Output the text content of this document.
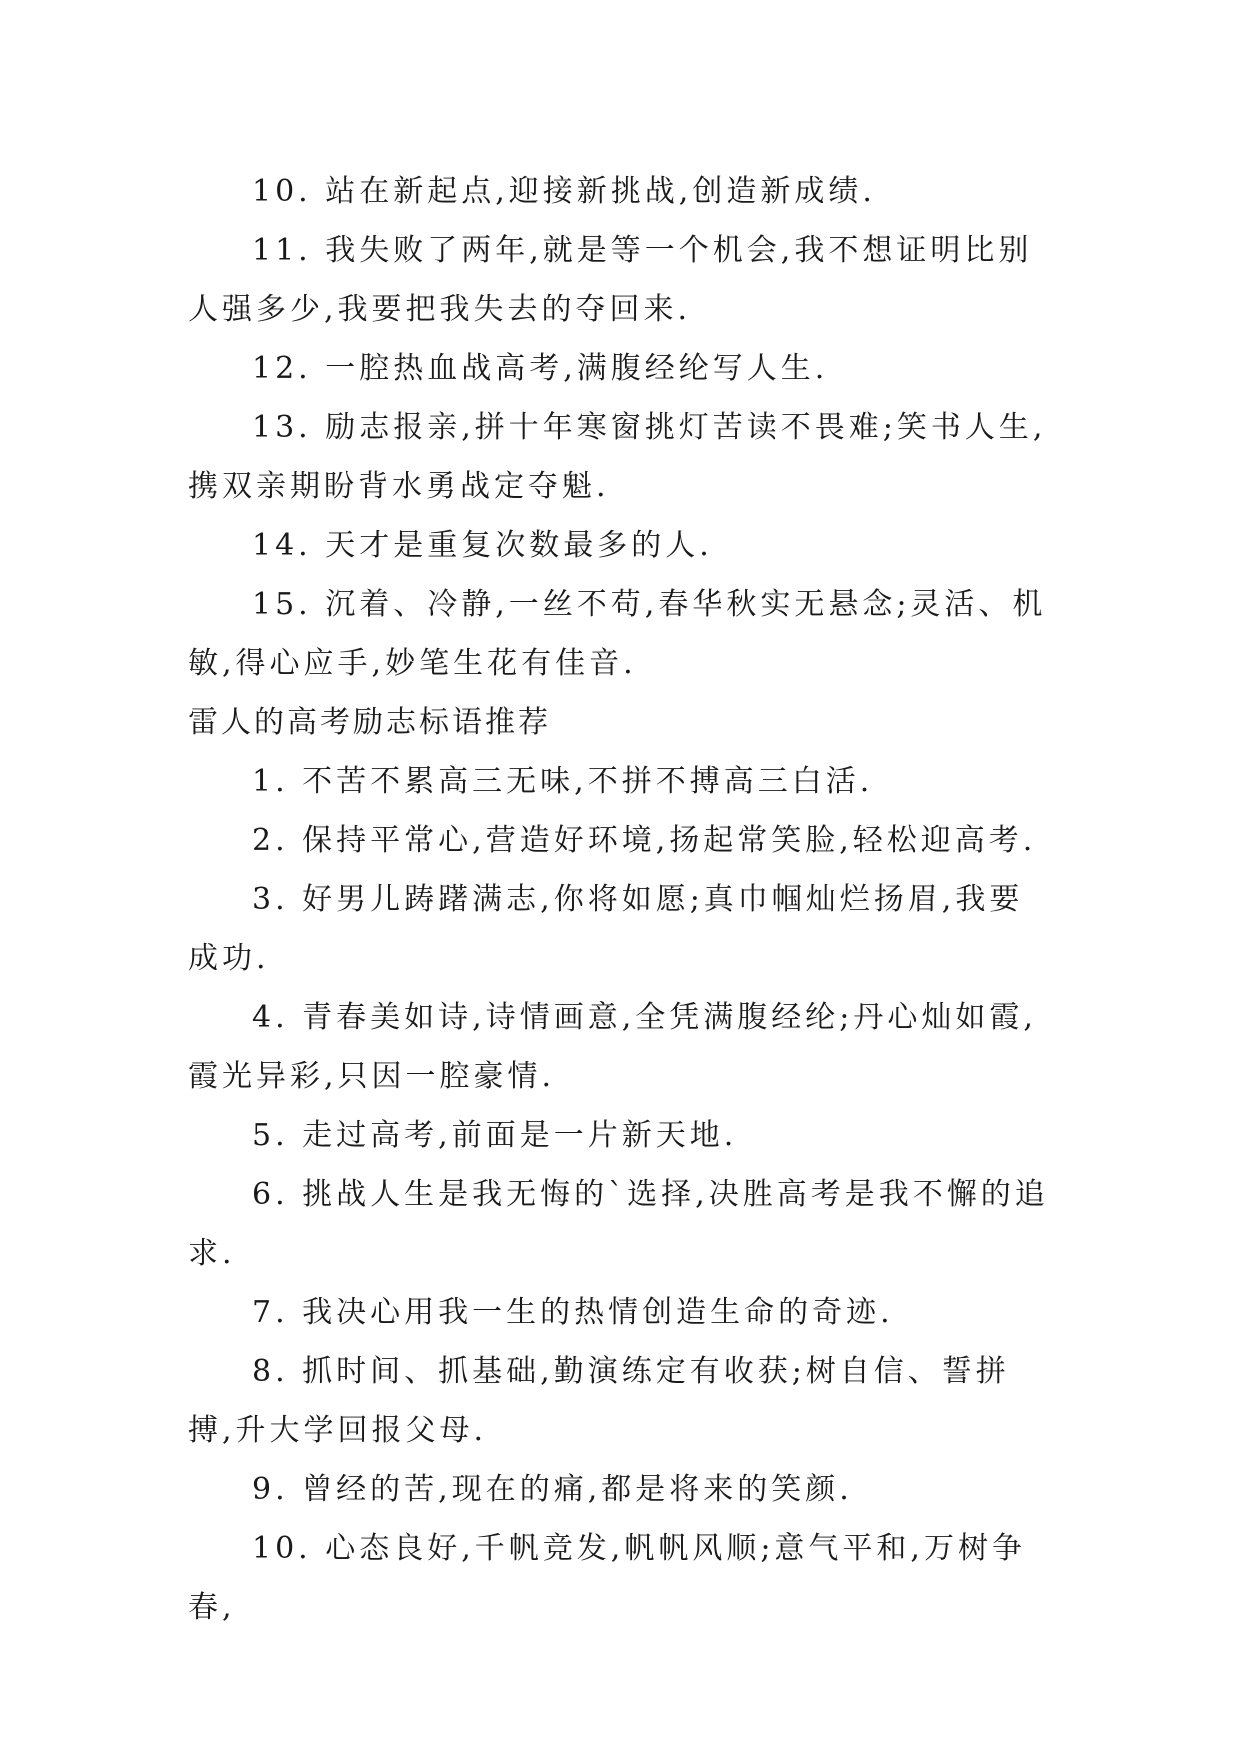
10. 站在新起点,迎接新挑战,创造新成绩.

11. 我失败了两年,就是等一个机会,我不想证明比别人强多少,我要把我失去的夺回来.

12. 一腔热血战高考,满腹经纶写人生.

13. 励志报亲,拼十年寒窗挑灯苦读不畏难;笑书人生,携双亲期盼背水勇战定夺魁.

14. 天才是重复次数最多的人.

15. 沉着、冷静,一丝不苟,春华秋实无悬念;灵活、机敏,得心应手,妙笔生花有佳音.

雷人的高考励志标语推荐

1. 不苦不累高三无味,不拼不搏高三白活.

2. 保持平常心,营造好环境,扬起常笑脸,轻松迎高考.

3. 好男儿踌躇满志,你将如愿;真巾帼灿烂扬眉,我要成功.

4. 青春美如诗,诗情画意,全凭满腹经纶;丹心灿如霞,霞光异彩,只因一腔豪情.

5. 走过高考,前面是一片新天地.

6. 挑战人生是我无悔的`选择,决胜高考是我不懈的追求.

7. 我决心用我一生的热情创造生命的奇迹.

8. 抓时间、抓基础,勤演练定有收获;树自信、誓拼搏,升大学回报父母.

9. 曾经的苦,现在的痛,都是将来的笑颜.

10. 心态良好,千帆竞发,帆帆风顺;意气平和,万树争春,
